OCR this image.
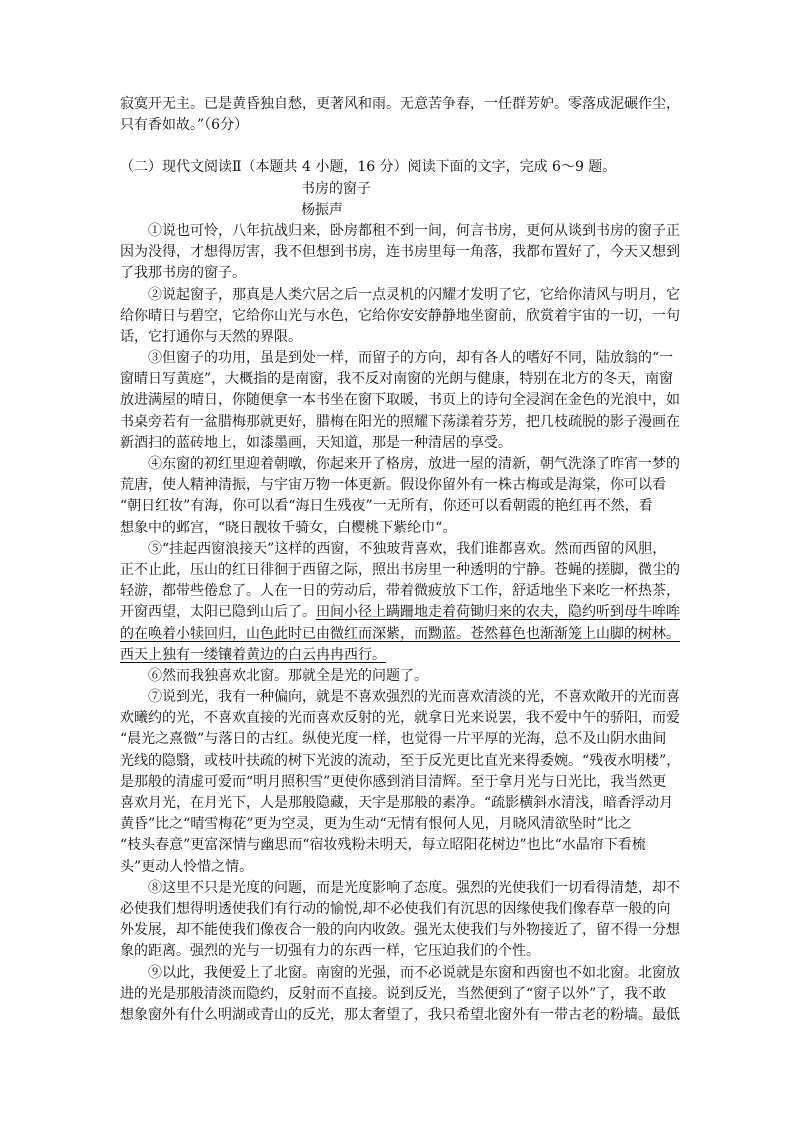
寂寞开无主。已是黄昏独自愁，更著风和雨。无意苦争春，一任群芳妒。零落成泥碾作尘，
只有香如故。”（6分）
（二）现代文阅读Ⅱ（本题共 4 小题，16 分）阅读下面的文字，完成 6～9 题。
书房的窗子
杨振声
①说也可怜，八年抗战归来，卧房都租不到一间，何言书房，更何从谈到书房的窗子正
因为没得，才想得厉害，我不但想到书房，连书房里每一角落，我都布置好了，今天又想到
了我那书房的窗子。
②说起窗子，那真是人类穴居之后一点灵机的闪耀才发明了它，它给你清风与明月，它
给你晴日与碧空，它给你山光与水色，它给你安安静静地坐窗前，欣赏着宇宙的一切，一句
话，它打通你与天然的界限。
③但窗子的功用，虽是到处一样，而留子的方向，却有各人的嗜好不同，陆放翁的“一
窗晴日写黄庭”，大概指的是南窗，我不反对南窗的光朗与健康，特别在北方的冬天，南窗
放进满屋的晴日，你随便拿一本书坐在窗下取暖，书页上的诗句全浸润在金色的光浪中，如
书桌旁若有一盆腊梅那就更好，腊梅在阳光的照耀下荡漾着芬芳，把几枝疏脱的影子漫画在
新酒扫的蓝砖地上，如漆墨画，天知道，那是一种清居的享受。
④东窗的初红里迎着朝暾，你起来开了格房，放进一屋的清新，朝气洗涤了昨宵一梦的
荒唐，使人精神清振，与宇宙万物一体更新。假设你留外有一株古梅或是海棠，你可以看
“朝日红妆”有海，你可以看“海日生残夜”一无所有，你还可以看朝霞的艳红再不然，看
想象中的邺宫，“晓日靓妆千骑女，白樱桃下紫纶巾“。
⑤“挂起西窗浪接天”这样的西窗，不独玻背喜欢，我们谁都喜欢。然而西留的风胆，
正不止此，压山的红日徘徊于西留之际，照出书房里一种透明的宁静。苍蝇的搓脚，微尘的
轻游，都带些倦怠了。人在一日的劳动后，带着微疲放下工作，舒适地坐下来吃一杯热茶，
开窗西望，太阳已隐到山后了。田间小径上蹒跚地走着荷锄归来的农夫，隐约听到母牛哞哞
的在唤着小犊回归，山色此时已由微红而深紫，而黝蓝。苍然暮色也渐渐笼上山脚的树林。
西天上独有一缕镶着黄边的白云冉冉西行。
⑥然而我独喜欢北窗。那就全是光的问题了。
⑦说到光，我有一种偏向，就是不喜欢强烈的光而喜欢清淡的光，不喜欢敞开的光而喜
欢曦约的光，不喜欢直接的光而喜欢反射的光，就拿日光来说罢，我不爱中午的骄阳，而爱
“晨光之熹微”与落日的古红。纵使光度一样，也觉得一片平厚的光海，总不及山阴水曲间
光线的隐翳，或枝叶扶疏的树下光波的流动，至于反光更比直光来得委婉。“残夜水明楼”，
是那般的清虚可爱而“明月照积雪”更使你感到消目清辉。至于拿月光与日光比，我当然更
喜欢月光，在月光下，人是那般隐藏，天宇是那般的素净。“疏影横斜水清浅，暗香浮动月
黄昏”比之“晴雪梅花”更为空灵，更为生动“无情有恨何人见，月晓风清欲坠时”比之
“枝头春意”更富深情与幽思而“宿妆残粉未明天，每立昭阳花树边”也比“水晶帘下看梳
头”更动人怜惜之情。
⑧这里不只是光度的问题，而是光度影响了态度。强烈的光使我们一切看得清楚，却不
必使我们想得明透使我们有行动的愉悦,却不必使我们有沉思的因缘使我们像春草一般的向
外发展，却不能使我们像夜合一般的向内收敛。强光太使我们与外物接近了，留不得一分想
象的距离。强烈的光与一切强有力的东西一样，它压迫我们的个性。
⑨以此，我便爱上了北窗。南窗的光强，而不必说就是东窗和西窗也不如北窗。北窗放
进的光是那般清淡而隐约，反射而不直接。说到反光，当然便到了“窗子以外”了，我不敢
想象窗外有什么明湖或青山的反光，那太奢望了，我只希望北窗外有一带古老的粉墙。最低
